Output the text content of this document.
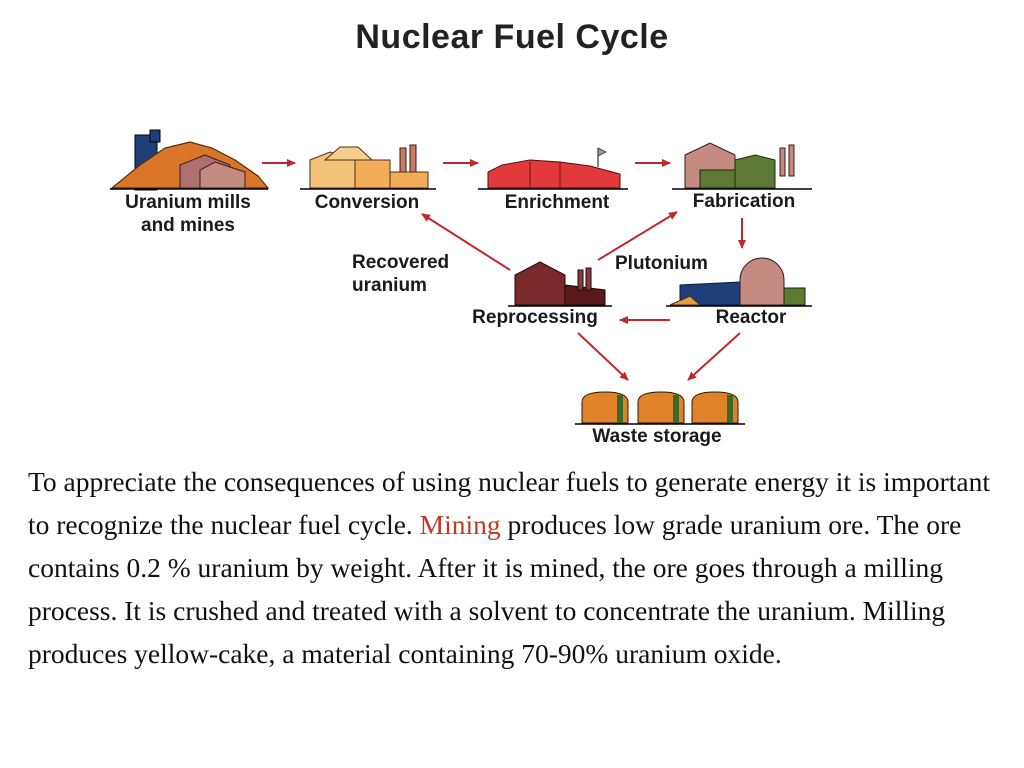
Nuclear Fuel Cycle
Uranium mills
and mines
Conversion	Enrichment	Fabrication
Reactor
Reprocessing
Waste storage
Recovered
uranium
Plutonium
To appreciate the consequences of using nuclear fuels to generate energy it is important to recognize the nuclear fuel cycle. Mining produces low grade uranium ore. The ore contains 0.2 % uranium by weight. After it is mined, the ore goes through a milling process. It is crushed and treated with a solvent to concentrate the uranium. Milling produces yellow-cake, a material containing 70-90% uranium oxide.
